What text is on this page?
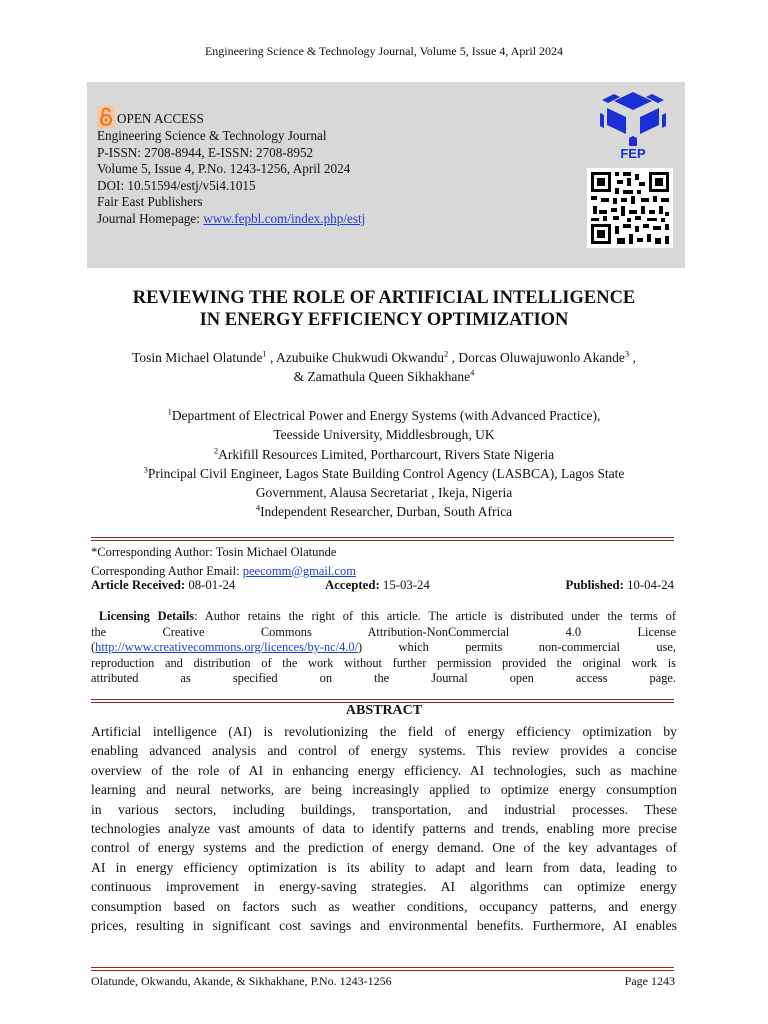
Engineering Science & Technology Journal, Volume 5, Issue 4, April 2024
OPEN ACCESS
Engineering Science & Technology Journal
P-ISSN: 2708-8944, E-ISSN: 2708-8952
Volume 5, Issue 4, P.No. 1243-1256, April 2024
DOI: 10.51594/estj/v5i4.1015
Fair East Publishers
Journal Homepage: www.fepbl.com/index.php/estj
FEP
REVIEWING THE ROLE OF ARTIFICIAL INTELLIGENCE
IN ENERGY EFFICIENCY OPTIMIZATION
Tosin Michael Olatunde$^1$ , Azubuike Chukwudi Okwandu$^2$ , Dorcas Oluwajuwonlo Akande$^3$ ,
& Zamathula Queen Sikhakhane$^4$
$^1$Department of Electrical Power and Energy Systems (with Advanced Practice),
Teesside University, Middlesbrough, UK
$^2$Arkifill Resources Limited, Portharcourt, Rivers State Nigeria
$^3$Principal Civil Engineer, Lagos State Building Control Agency (LASBCA), Lagos State
Government, Alausa Secretariat , Ikeja, Nigeria
$^4$Independent Researcher, Durban, South Africa
*Corresponding Author: Tosin Michael Olatunde
Corresponding Author Email: peecomm@gmail.com
Article Received: 08-01-24	Accepted: 15-03-24	Published: 10-04-24
Licensing Details: Author retains the right of this article. The article is distributed under the terms of
the Creative Commons Attribution-NonCommercial 4.0 License
(http://www.creativecommons.org/licences/by-nc/4.0/) which permits non-commercial use,
reproduction and distribution of the work without further permission provided the original work is
attributed as specified on the Journal open access page.
ABSTRACT
Artificial intelligence (AI) is revolutionizing the field of energy efficiency optimization by
enabling advanced analysis and control of energy systems. This review provides a concise
overview of the role of AI in enhancing energy efficiency. AI technologies, such as machine
learning and neural networks, are being increasingly applied to optimize energy consumption
in various sectors, including buildings, transportation, and industrial processes. These
technologies analyze vast amounts of data to identify patterns and trends, enabling more precise
control of energy systems and the prediction of energy demand. One of the key advantages of
AI in energy efficiency optimization is its ability to adapt and learn from data, leading to
continuous improvement in energy-saving strategies. AI algorithms can optimize energy
consumption based on factors such as weather conditions, occupancy patterns, and energy
prices, resulting in significant cost savings and environmental benefits. Furthermore, AI enables
Olatunde, Okwandu, Akande, & Sikhakhane, P.No. 1243-1256	Page 1243
